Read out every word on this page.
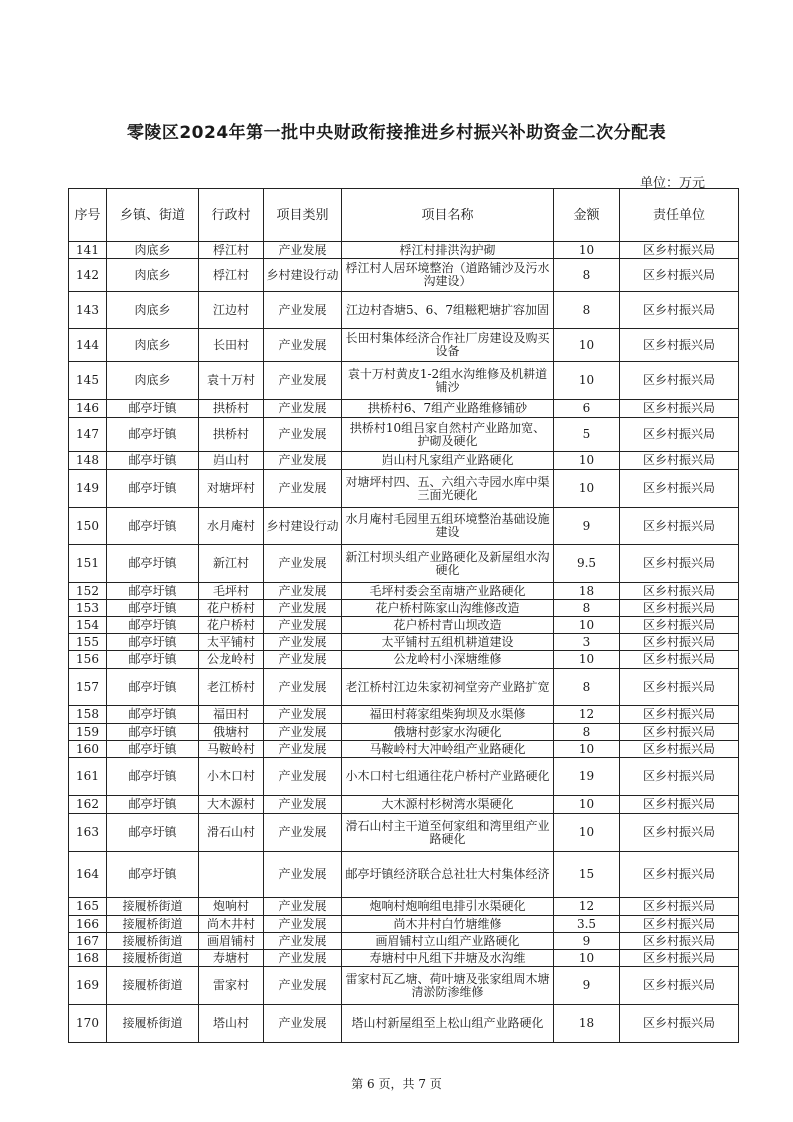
零陵区2024年第一批中央财政衔接推进乡村振兴补助资金二次分配表
单位：万元
序号	乡镇、街道	行政村	项目类别	项目名称	金额	责任单位
141	肉底乡	桴江村	产业发展	桴江村排洪沟护砌	10	区乡村振兴局
142	肉底乡	桴江村	乡村建设行动	桴江村人居环境整治（道路铺沙及污水沟建设）	8	区乡村振兴局
143	肉底乡	江边村	产业发展	江边村杳塘5、6、7组糍粑塘扩容加固	8	区乡村振兴局
144	肉底乡	长田村	产业发展	长田村集体经济合作社厂房建设及购买设备	10	区乡村振兴局
145	肉底乡	袁十万村	产业发展	袁十万村黄皮1-2组水沟维修及机耕道铺沙	10	区乡村振兴局
146	邮亭圩镇	拱桥村	产业发展	拱桥村6、7组产业路维修铺砂	6	区乡村振兴局
147	邮亭圩镇	拱桥村	产业发展	拱桥村10组吕家自然村产业路加宽、护砌及硬化	5	区乡村振兴局
148	邮亭圩镇	岿山村	产业发展	岿山村凡家组产业路硬化	10	区乡村振兴局
149	邮亭圩镇	对塘坪村	产业发展	对塘坪村四、五、六组六寺园水库中渠三面光硬化	10	区乡村振兴局
150	邮亭圩镇	水月庵村	乡村建设行动	水月庵村毛园里五组环境整治基础设施建设	9	区乡村振兴局
151	邮亭圩镇	新江村	产业发展	新江村坝头组产业路硬化及新屋组水沟硬化	9.5	区乡村振兴局
152	邮亭圩镇	毛坪村	产业发展	毛坪村委会至南塘产业路硬化	18	区乡村振兴局
153	邮亭圩镇	花户桥村	产业发展	花户桥村陈家山沟维修改造	8	区乡村振兴局
154	邮亭圩镇	花户桥村	产业发展	花户桥村青山坝改造	10	区乡村振兴局
155	邮亭圩镇	太平铺村	产业发展	太平铺村五组机耕道建设	3	区乡村振兴局
156	邮亭圩镇	公龙岭村	产业发展	公龙岭村小深塘维修	10	区乡村振兴局
157	邮亭圩镇	老江桥村	产业发展	老江桥村江边朱家初祠堂旁产业路扩宽	8	区乡村振兴局
158	邮亭圩镇	福田村	产业发展	福田村蒋家组柴狗坝及水渠修	12	区乡村振兴局
159	邮亭圩镇	俄塘村	产业发展	俄塘村彭家水沟硬化	8	区乡村振兴局
160	邮亭圩镇	马鞍岭村	产业发展	马鞍岭村大冲岭组产业路硬化	10	区乡村振兴局
161	邮亭圩镇	小木口村	产业发展	小木口村七组通往花户桥村产业路硬化	19	区乡村振兴局
162	邮亭圩镇	大木源村	产业发展	大木源村杉树湾水渠硬化	10	区乡村振兴局
163	邮亭圩镇	滑石山村	产业发展	滑石山村主干道至何家组和湾里组产业路硬化	10	区乡村振兴局
164	邮亭圩镇		产业发展	邮亭圩镇经济联合总社壮大村集体经济	15	区乡村振兴局
165	接履桥街道	炮响村	产业发展	炮响村炮响组电排引水渠硬化	12	区乡村振兴局
166	接履桥街道	尚木井村	产业发展	尚木井村白竹塘维修	3.5	区乡村振兴局
167	接履桥街道	画眉铺村	产业发展	画眉铺村立山组产业路硬化	9	区乡村振兴局
168	接履桥街道	寿塘村	产业发展	寿塘村中凡组下井塘及水沟维	10	区乡村振兴局
169	接履桥街道	雷家村	产业发展	雷家村瓦乙塘、荷叶塘及张家组周木塘清淤防渗维修	9	区乡村振兴局
170	接履桥街道	塔山村	产业发展	塔山村新屋组至上松山组产业路硬化	18	区乡村振兴局
第 6 页，共 7 页
